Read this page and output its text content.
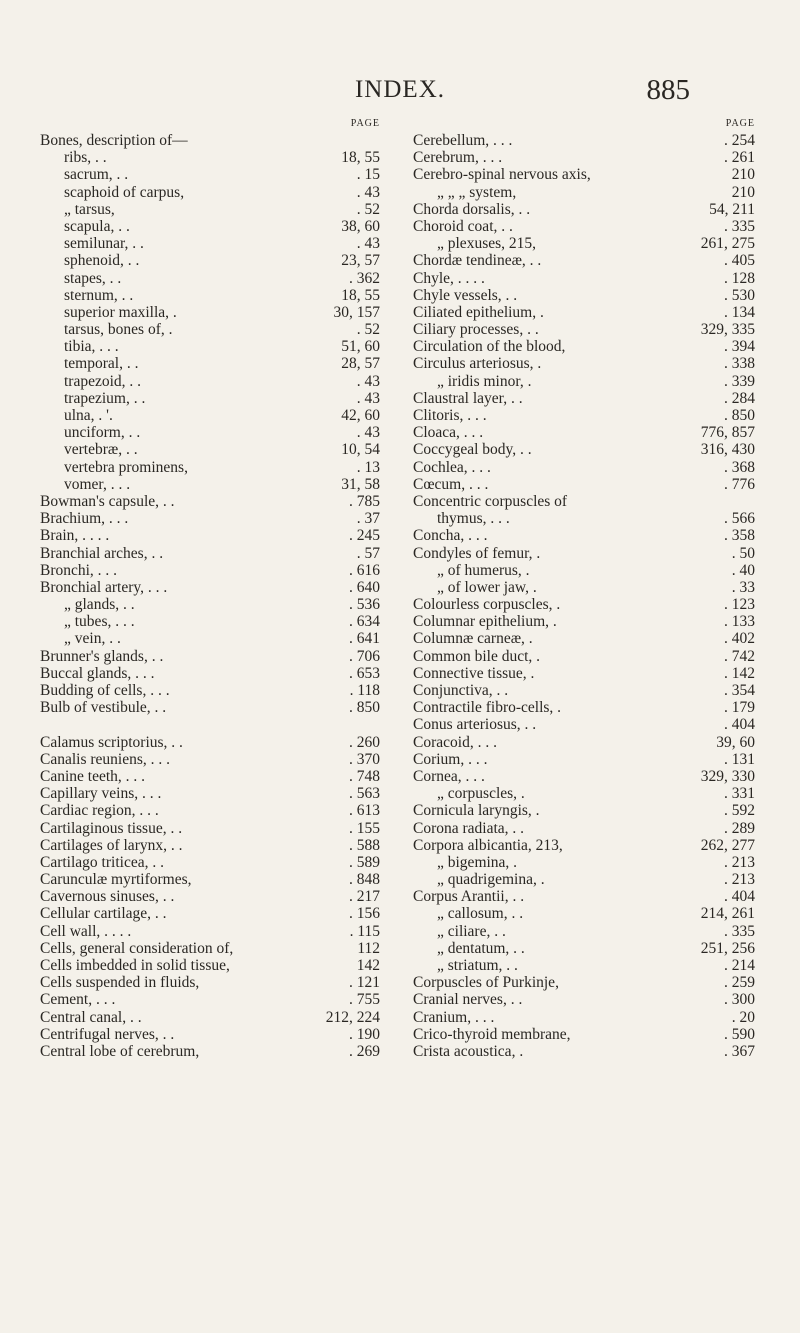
INDEX.	885
PAGE
Bones, description of—
ribs, . .	18, 55
sacrum, . .	. 15
scaphoid of carpus,	. 43
„ tarsus,	. 52
scapula, . .	38, 60
semilunar, . .	. 43
sphenoid, . .	23, 57
stapes, . .	. 362
sternum, . .	18, 55
superior maxilla, .	30, 157
tarsus, bones of, .	. 52
tibia, . . .	51, 60
temporal, . .	28, 57
trapezoid, . .	. 43
trapezium, . .	. 43
ulna, . '.	42, 60
unciform, . .	. 43
vertebræ, . .	10, 54
vertebra prominens,	. 13
vomer, . . .	31, 58
Bowman's capsule, . .	. 785
Brachium, . . .	. 37
Brain, . . . .	. 245
Branchial arches, . .	. 57
Bronchi, . . .	. 616
Bronchial artery, . . .	. 640
„ glands, . .	. 536
„ tubes, . . .	. 634
„ vein, . .	. 641
Brunner's glands, . .	. 706
Buccal glands, . . .	. 653
Budding of cells, . . .	. 118
Bulb of vestibule, . .	. 850
Calamus scriptorius, . .	. 260
Canalis reuniens, . . .	. 370
Canine teeth, . . .	. 748
Capillary veins, . . .	. 563
Cardiac region, . . .	. 613
Cartilaginous tissue, . .	. 155
Cartilages of larynx, . .	. 588
Cartilago triticea, . .	. 589
Carunculæ myrtiformes,	. 848
Cavernous sinuses, . .	. 217
Cellular cartilage, . .	. 156
Cell wall, . . . .	. 115
Cells, general consideration of,	112
Cells imbedded in solid tissue,	142
Cells suspended in fluids,	. 121
Cement, . . .	. 755
Central canal, . .	212, 224
Centrifugal nerves, . .	. 190
Central lobe of cerebrum,	. 269
PAGE
Cerebellum, . . .	. 254
Cerebrum, . . .	. 261
Cerebro-spinal nervous axis,	210
„ „ „ system,	210
Chorda dorsalis, . .	54, 211
Choroid coat, . .	. 335
„ plexuses, 215,	261, 275
Chordæ tendineæ, . .	. 405
Chyle, . . . .	. 128
Chyle vessels, . .	. 530
Ciliated epithelium, .	. 134
Ciliary processes, . .	329, 335
Circulation of the blood,	. 394
Circulus arteriosus, .	. 338
„ iridis minor, .	. 339
Claustral layer, . .	. 284
Clitoris, . . .	. 850
Cloaca, . . .	776, 857
Coccygeal body, . .	316, 430
Cochlea, . . .	. 368
Cœcum, . . .	. 776
Concentric corpuscles of
thymus, . . .	. 566
Concha, . . .	. 358
Condyles of femur, .	. 50
„ of humerus, .	. 40
„ of lower jaw, .	. 33
Colourless corpuscles, .	. 123
Columnar epithelium, .	. 133
Columnæ carneæ, .	. 402
Common bile duct, .	. 742
Connective tissue, .	. 142
Conjunctiva, . .	. 354
Contractile fibro-cells, .	. 179
Conus arteriosus, . .	. 404
Coracoid, . . .	39, 60
Corium, . . .	. 131
Cornea, . . .	329, 330
„ corpuscles, .	. 331
Cornicula laryngis, .	. 592
Corona radiata, . .	. 289
Corpora albicantia, 213,	262, 277
„ bigemina, .	. 213
„ quadrigemina, .	. 213
Corpus Arantii, . .	. 404
„ callosum, . .	214, 261
„ ciliare, . .	. 335
„ dentatum, . .	251, 256
„ striatum, . .	. 214
Corpuscles of Purkinje,	. 259
Cranial nerves, . .	. 300
Cranium, . . .	. 20
Crico-thyroid membrane,	. 590
Crista acoustica, .	. 367
